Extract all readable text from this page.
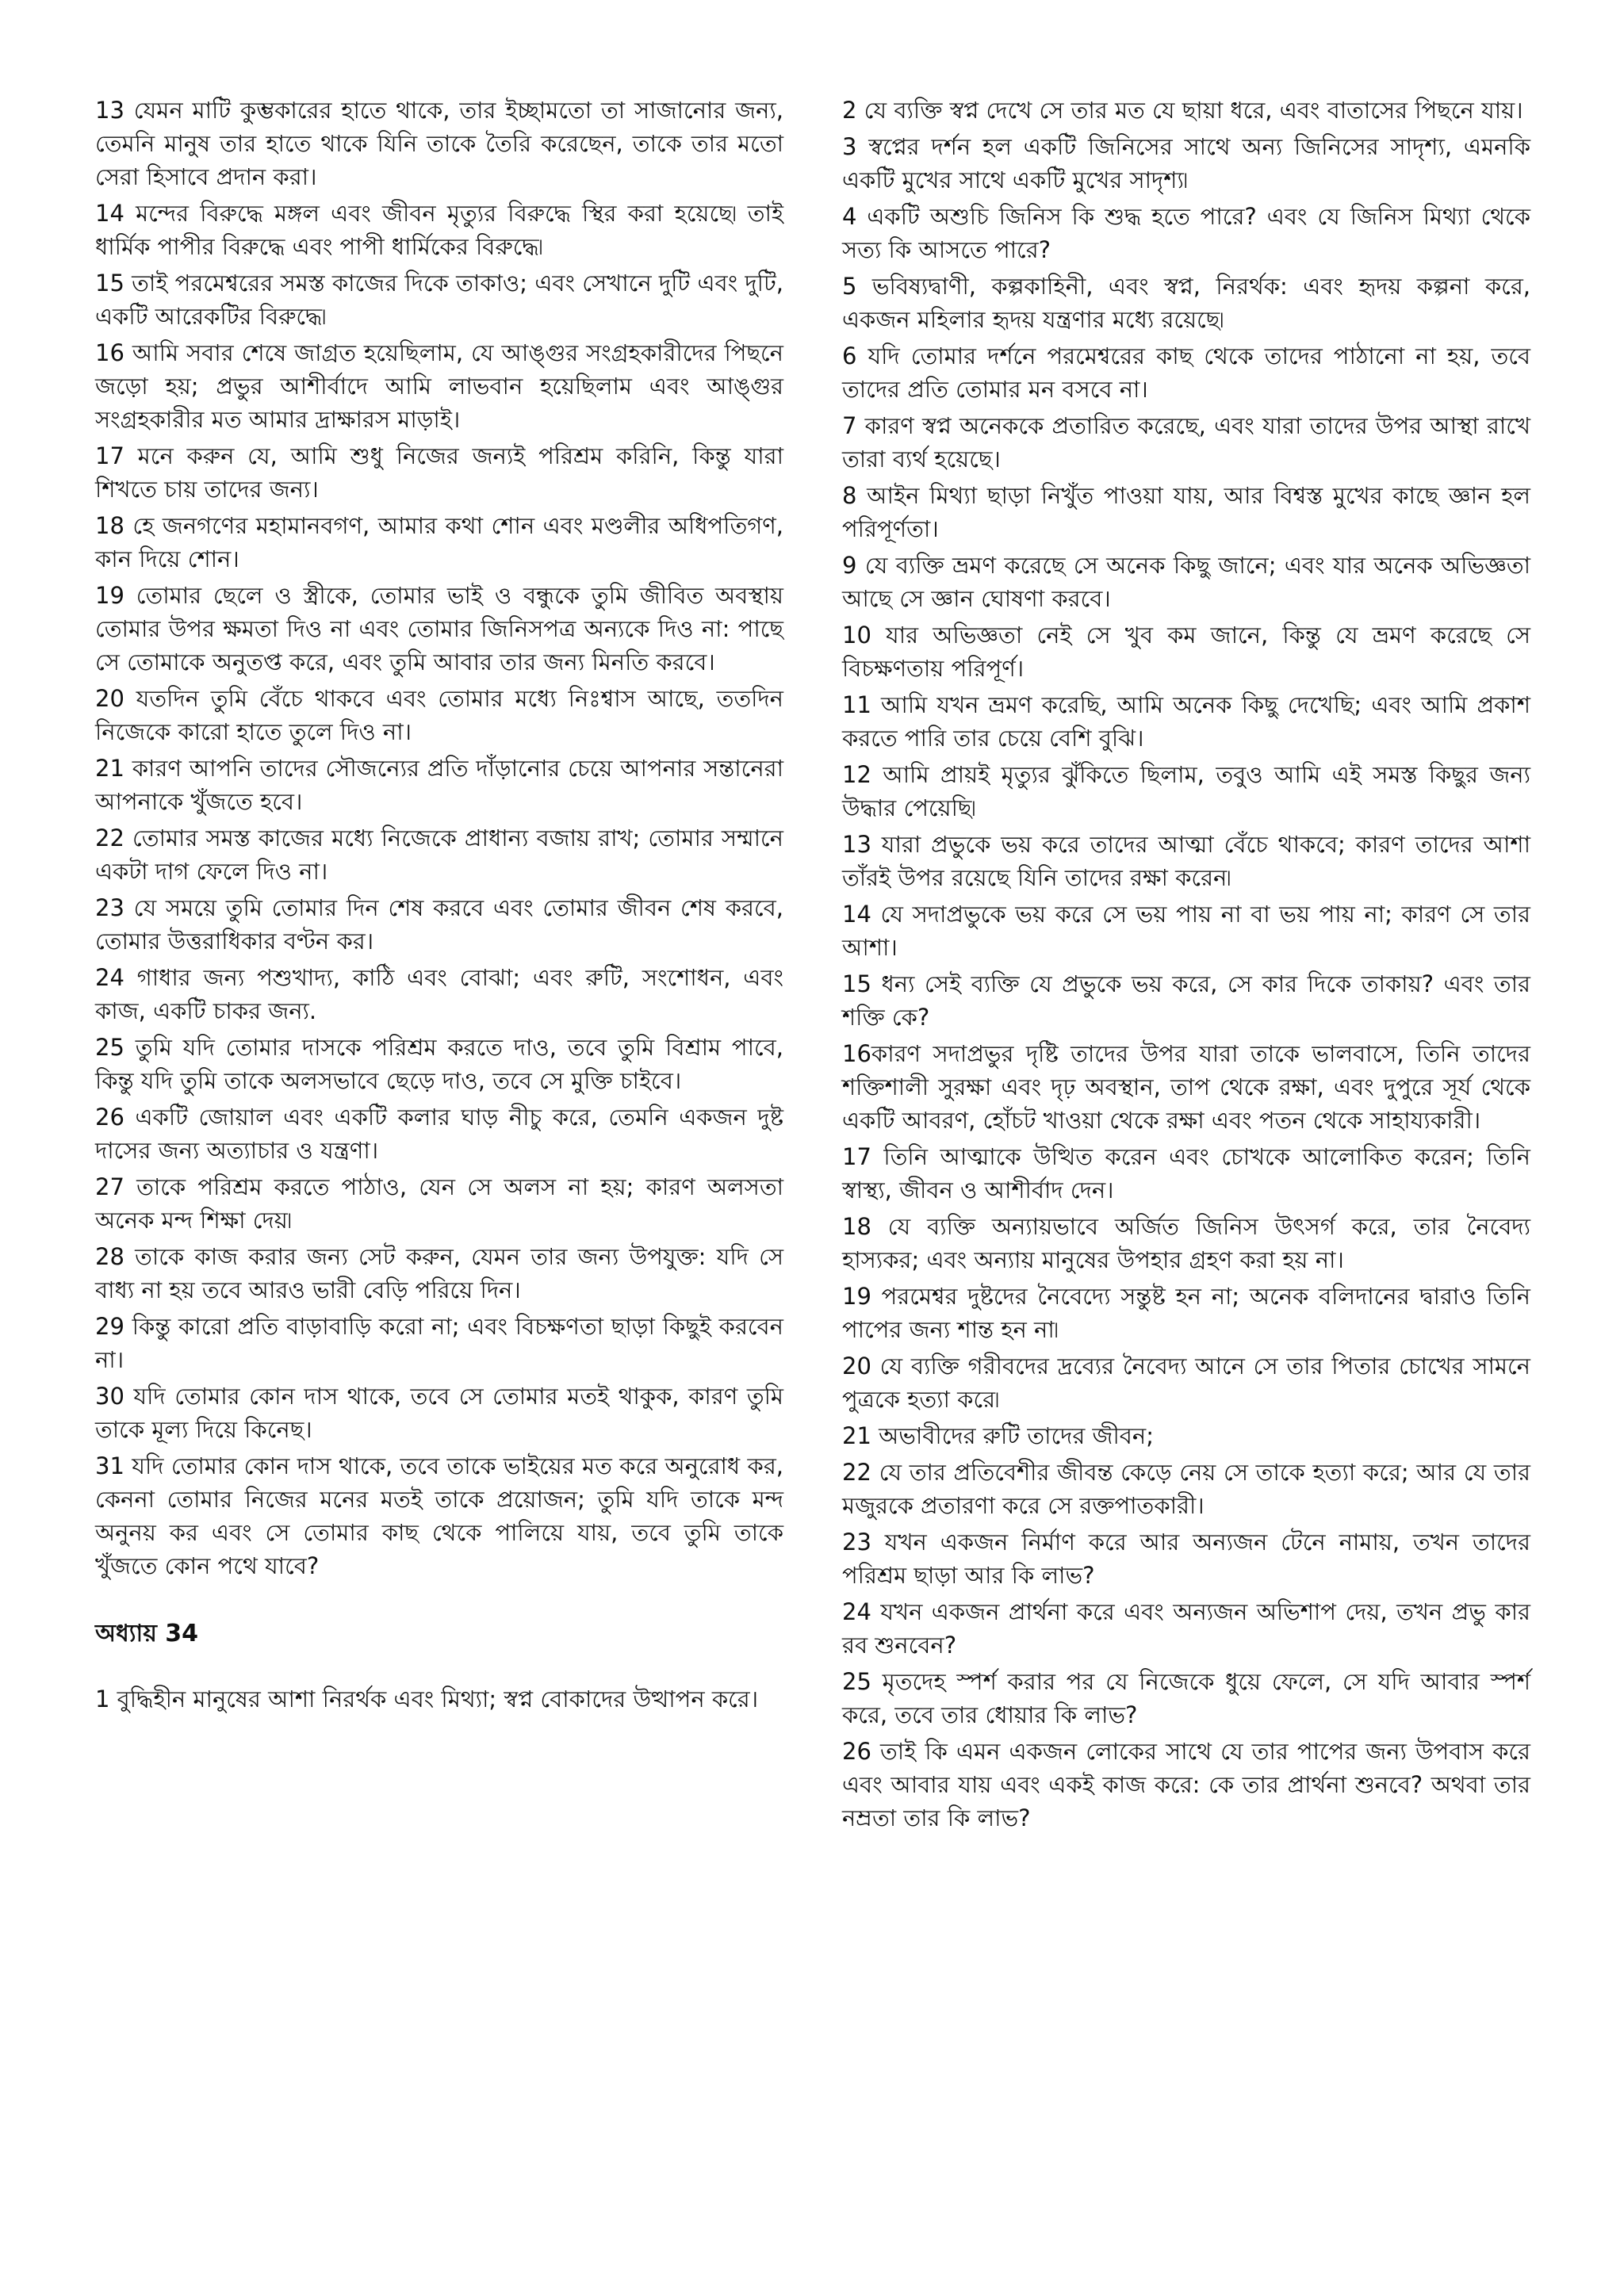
13 যেমন মাটি কুম্ভকারের হাতে থাকে, তার ইচ্ছামতো তা সাজানোর জন্য, তেমনি মানুষ তার হাতে থাকে যিনি তাকে তৈরি করেছেন, তাকে তার মতো সেরা হিসাবে প্রদান করা।

14 মন্দের বিরুদ্ধে মঙ্গল এবং জীবন মৃত্যুর বিরুদ্ধে স্থির করা হয়েছে৷ তাই ধার্মিক পাপীর বিরুদ্ধে এবং পাপী ধার্মিকের বিরুদ্ধে৷

15 তাই পরমেশ্বরের সমস্ত কাজের দিকে তাকাও; এবং সেখানে দুটি এবং দুটি, একটি আরেকটির বিরুদ্ধে৷

16 আমি সবার শেষে জাগ্রত হয়েছিলাম, যে আঙ্গুর সংগ্রহকারীদের পিছনে জড়ো হয়; প্রভুর আশীর্বাদে আমি লাভবান হয়েছিলাম এবং আঙ্গুর সংগ্রহকারীর মত আমার দ্রাক্ষারস মাড়াই।

17 মনে করুন যে, আমি শুধু নিজের জন্যই পরিশ্রম করিনি, কিন্তু যারা শিখতে চায় তাদের জন্য।

18 হে জনগণের মহামানবগণ, আমার কথা শোন এবং মণ্ডলীর অধিপতিগণ, কান দিয়ে শোন।

19 তোমার ছেলে ও স্ত্রীকে, তোমার ভাই ও বন্ধুকে তুমি জীবিত অবস্থায় তোমার উপর ক্ষমতা দিও না এবং তোমার জিনিসপত্র অন্যকে দিও না: পাছে সে তোমাকে অনুতপ্ত করে, এবং তুমি আবার তার জন্য মিনতি করবে।

20 যতদিন তুমি বেঁচে থাকবে এবং তোমার মধ্যে নিঃশ্বাস আছে, ততদিন নিজেকে কারো হাতে তুলে দিও না।

21 কারণ আপনি তাদের সৌজন্যের প্রতি দাঁড়ানোর চেয়ে আপনার সন্তানেরা আপনাকে খুঁজতে হবে।

22 তোমার সমস্ত কাজের মধ্যে নিজেকে প্রাধান্য বজায় রাখ; তোমার সম্মানে একটা দাগ ফেলে দিও না।

23 যে সময়ে তুমি তোমার দিন শেষ করবে এবং তোমার জীবন শেষ করবে, তোমার উত্তরাধিকার বণ্টন কর।

24 গাধার জন্য পশুখাদ্য, কাঠি এবং বোঝা; এবং রুটি, সংশোধন, এবং কাজ, একটি চাকর জন্য.

25 তুমি যদি তোমার দাসকে পরিশ্রম করতে দাও, তবে তুমি বিশ্রাম পাবে, কিন্তু যদি তুমি তাকে অলসভাবে ছেড়ে দাও, তবে সে মুক্তি চাইবে।

26 একটি জোয়াল এবং একটি কলার ঘাড় নীচু করে, তেমনি একজন দুষ্ট দাসের জন্য অত্যাচার ও যন্ত্রণা।

27 তাকে পরিশ্রম করতে পাঠাও, যেন সে অলস না হয়; কারণ অলসতা অনেক মন্দ শিক্ষা দেয়৷

28 তাকে কাজ করার জন্য সেট করুন, যেমন তার জন্য উপযুক্ত: যদি সে বাধ্য না হয় তবে আরও ভারী বেড়ি পরিয়ে দিন।

29 কিন্তু কারো প্রতি বাড়াবাড়ি করো না; এবং বিচক্ষণতা ছাড়া কিছুই করবেন না।

30 যদি তোমার কোন দাস থাকে, তবে সে তোমার মতই থাকুক, কারণ তুমি তাকে মূল্য দিয়ে কিনেছ।

31 যদি তোমার কোন দাস থাকে, তবে তাকে ভাইয়ের মত করে অনুরোধ কর, কেননা তোমার নিজের মনের মতই তাকে প্রয়োজন; তুমি যদি তাকে মন্দ অনুনয় কর এবং সে তোমার কাছ থেকে পালিয়ে যায়, তবে তুমি তাকে খুঁজতে কোন পথে যাবে?

অধ্যায় 34

1 বুদ্ধিহীন মানুষের আশা নিরর্থক এবং মিথ্যা; স্বপ্ন বোকাদের উত্থাপন করে।

2 যে ব্যক্তি স্বপ্ন দেখে সে তার মত যে ছায়া ধরে, এবং বাতাসের পিছনে যায়।

3 স্বপ্নের দর্শন হল একটি জিনিসের সাথে অন্য জিনিসের সাদৃশ্য, এমনকি একটি মুখের সাথে একটি মুখের সাদৃশ্য৷

4 একটি অশুচি জিনিস কি শুদ্ধ হতে পারে? এবং যে জিনিস মিথ্যা থেকে সত্য কি আসতে পারে?

5 ভবিষ্যদ্বাণী, কল্পকাহিনী, এবং স্বপ্ন, নিরর্থক: এবং হৃদয় কল্পনা করে, একজন মহিলার হৃদয় যন্ত্রণার মধ্যে রয়েছে৷

6 যদি তোমার দর্শনে পরমেশ্বরের কাছ থেকে তাদের পাঠানো না হয়, তবে তাদের প্রতি তোমার মন বসবে না।

7 কারণ স্বপ্ন অনেককে প্রতারিত করেছে, এবং যারা তাদের উপর আস্থা রাখে তারা ব্যর্থ হয়েছে।

8 আইন মিথ্যা ছাড়া নিখুঁত পাওয়া যায়, আর বিশ্বস্ত মুখের কাছে জ্ঞান হল পরিপূর্ণতা।

9 যে ব্যক্তি ভ্রমণ করেছে সে অনেক কিছু জানে; এবং যার অনেক অভিজ্ঞতা আছে সে জ্ঞান ঘোষণা করবে।

10 যার অভিজ্ঞতা নেই সে খুব কম জানে, কিন্তু যে ভ্রমণ করেছে সে বিচক্ষণতায় পরিপূর্ণ।

11 আমি যখন ভ্রমণ করেছি, আমি অনেক কিছু দেখেছি; এবং আমি প্রকাশ করতে পারি তার চেয়ে বেশি বুঝি।

12 আমি প্রায়ই মৃত্যুর ঝুঁকিতে ছিলাম, তবুও আমি এই সমস্ত কিছুর জন্য উদ্ধার পেয়েছি৷

13 যারা প্রভুকে ভয় করে তাদের আত্মা বেঁচে থাকবে; কারণ তাদের আশা তাঁরই উপর রয়েছে যিনি তাদের রক্ষা করেন৷

14 যে সদাপ্রভুকে ভয় করে সে ভয় পায় না বা ভয় পায় না; কারণ সে তার আশা।

15 ধন্য সেই ব্যক্তি যে প্রভুকে ভয় করে, সে কার দিকে তাকায়? এবং তার শক্তি কে?

16কারণ সদাপ্রভুর দৃষ্টি তাদের উপর যারা তাকে ভালবাসে, তিনি তাদের শক্তিশালী সুরক্ষা এবং দৃঢ় অবস্থান, তাপ থেকে রক্ষা, এবং দুপুরে সূর্য থেকে একটি আবরণ, হোঁচট খাওয়া থেকে রক্ষা এবং পতন থেকে সাহায্যকারী।

17 তিনি আত্মাকে উত্থিত করেন এবং চোখকে আলোকিত করেন; তিনি স্বাস্থ্য, জীবন ও আশীর্বাদ দেন।

18 যে ব্যক্তি অন্যায়ভাবে অর্জিত জিনিস উৎসর্গ করে, তার নৈবেদ্য হাস্যকর; এবং অন্যায় মানুষের উপহার গ্রহণ করা হয় না।

19 পরমেশ্বর দুষ্টদের নৈবেদ্যে সন্তুষ্ট হন না; অনেক বলিদানের দ্বারাও তিনি পাপের জন্য শান্ত হন না৷

20 যে ব্যক্তি গরীবদের দ্রব্যের নৈবেদ্য আনে সে তার পিতার চোখের সামনে পুত্রকে হত্যা করে৷

21 অভাবীদের রুটি তাদের জীবন;

22 যে তার প্রতিবেশীর জীবন্ত কেড়ে নেয় সে তাকে হত্যা করে; আর যে তার মজুরকে প্রতারণা করে সে রক্তপাতকারী।

23 যখন একজন নির্মাণ করে আর অন্যজন টেনে নামায়, তখন তাদের পরিশ্রম ছাড়া আর কি লাভ?

24 যখন একজন প্রার্থনা করে এবং অন্যজন অভিশাপ দেয়, তখন প্রভু কার রব শুনবেন?

25 মৃতদেহ স্পর্শ করার পর যে নিজেকে ধুয়ে ফেলে, সে যদি আবার স্পর্শ করে, তবে তার ধোয়ার কি লাভ?

26 তাই কি এমন একজন লোকের সাথে যে তার পাপের জন্য উপবাস করে এবং আবার যায় এবং একই কাজ করে: কে তার প্রার্থনা শুনবে? অথবা তার নম্রতা তার কি লাভ?
